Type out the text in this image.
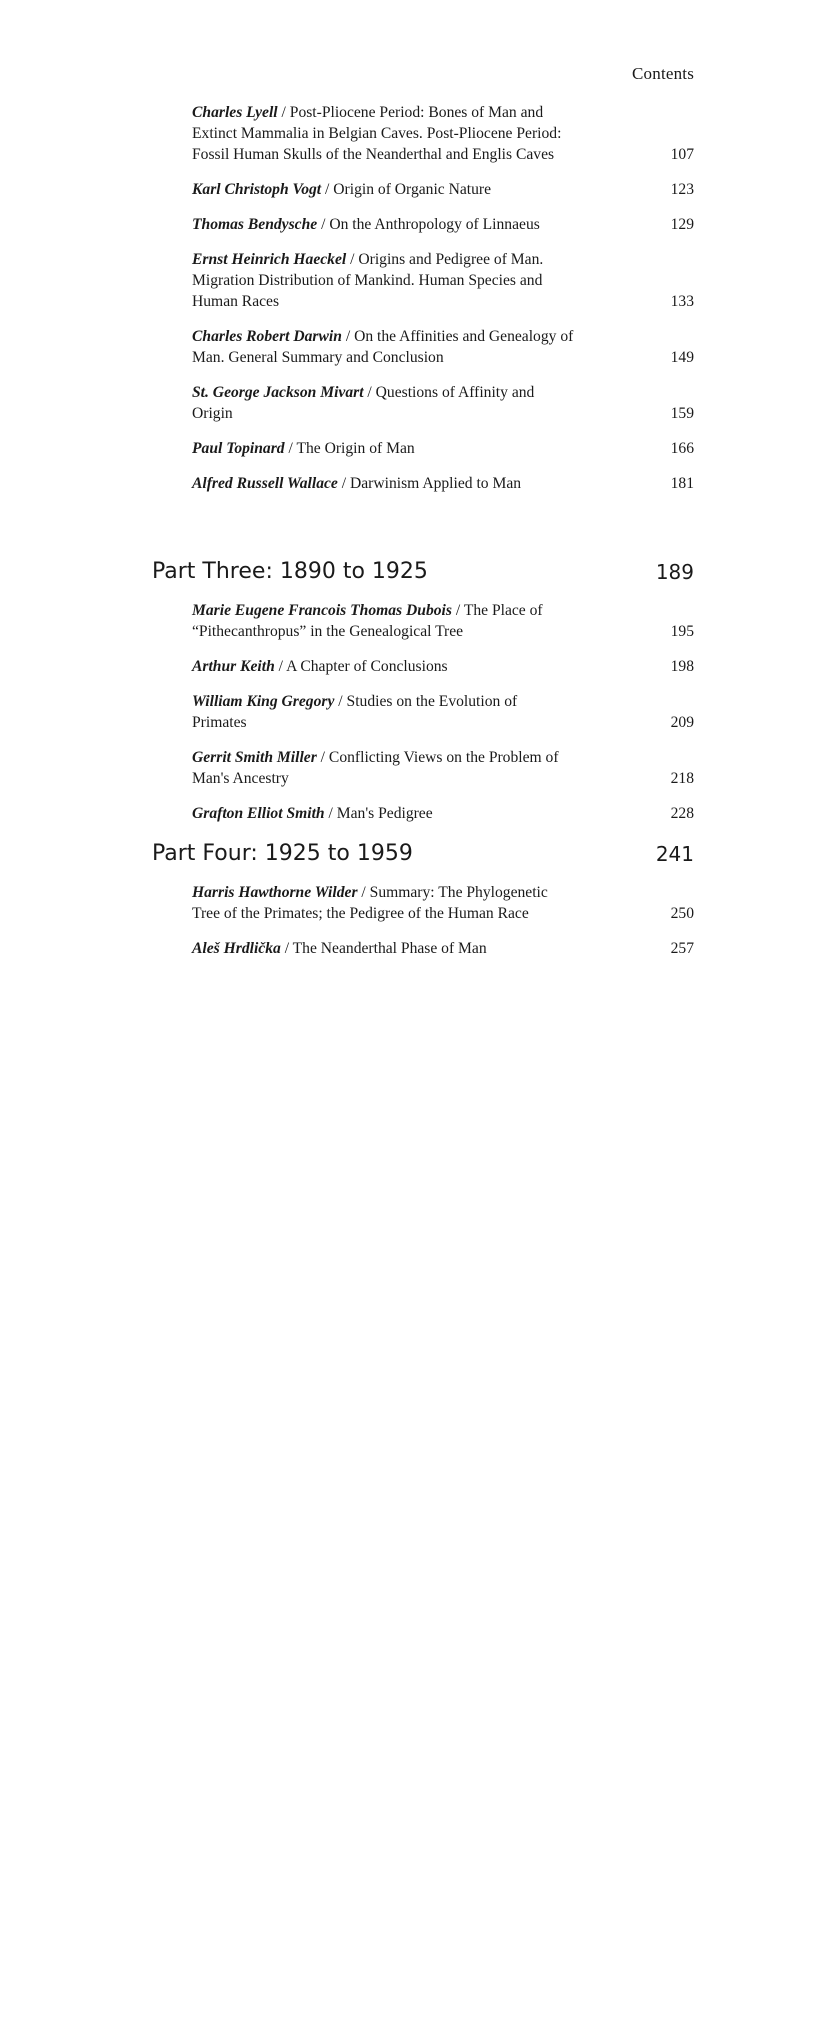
Contents
Charles Lyell / Post-Pliocene Period: Bones of Man and Extinct Mammalia in Belgian Caves. Post-Pliocene Period: Fossil Human Skulls of the Neanderthal and Englis Caves	107
Karl Christoph Vogt / Origin of Organic Nature	123
Thomas Bendysche / On the Anthropology of Linnaeus	129
Ernst Heinrich Haeckel / Origins and Pedigree of Man. Migration Distribution of Mankind. Human Species and Human Races	133
Charles Robert Darwin / On the Affinities and Genealogy of Man. General Summary and Conclusion	149
St. George Jackson Mivart / Questions of Affinity and Origin	159
Paul Topinard / The Origin of Man	166
Alfred Russell Wallace / Darwinism Applied to Man	181
Part Three: 1890 to 1925	189
Marie Eugene Francois Thomas Dubois / The Place of “Pithecanthropus” in the Genealogical Tree	195
Arthur Keith / A Chapter of Conclusions	198
William King Gregory / Studies on the Evolution of Primates	209
Gerrit Smith Miller / Conflicting Views on the Problem of Man's Ancestry	218
Grafton Elliot Smith / Man's Pedigree	228
Part Four: 1925 to 1959	241
Harris Hawthorne Wilder / Summary: The Phylogenetic Tree of the Primates; the Pedigree of the Human Race	250
Aleš Hrdlička / The Neanderthal Phase of Man	257
